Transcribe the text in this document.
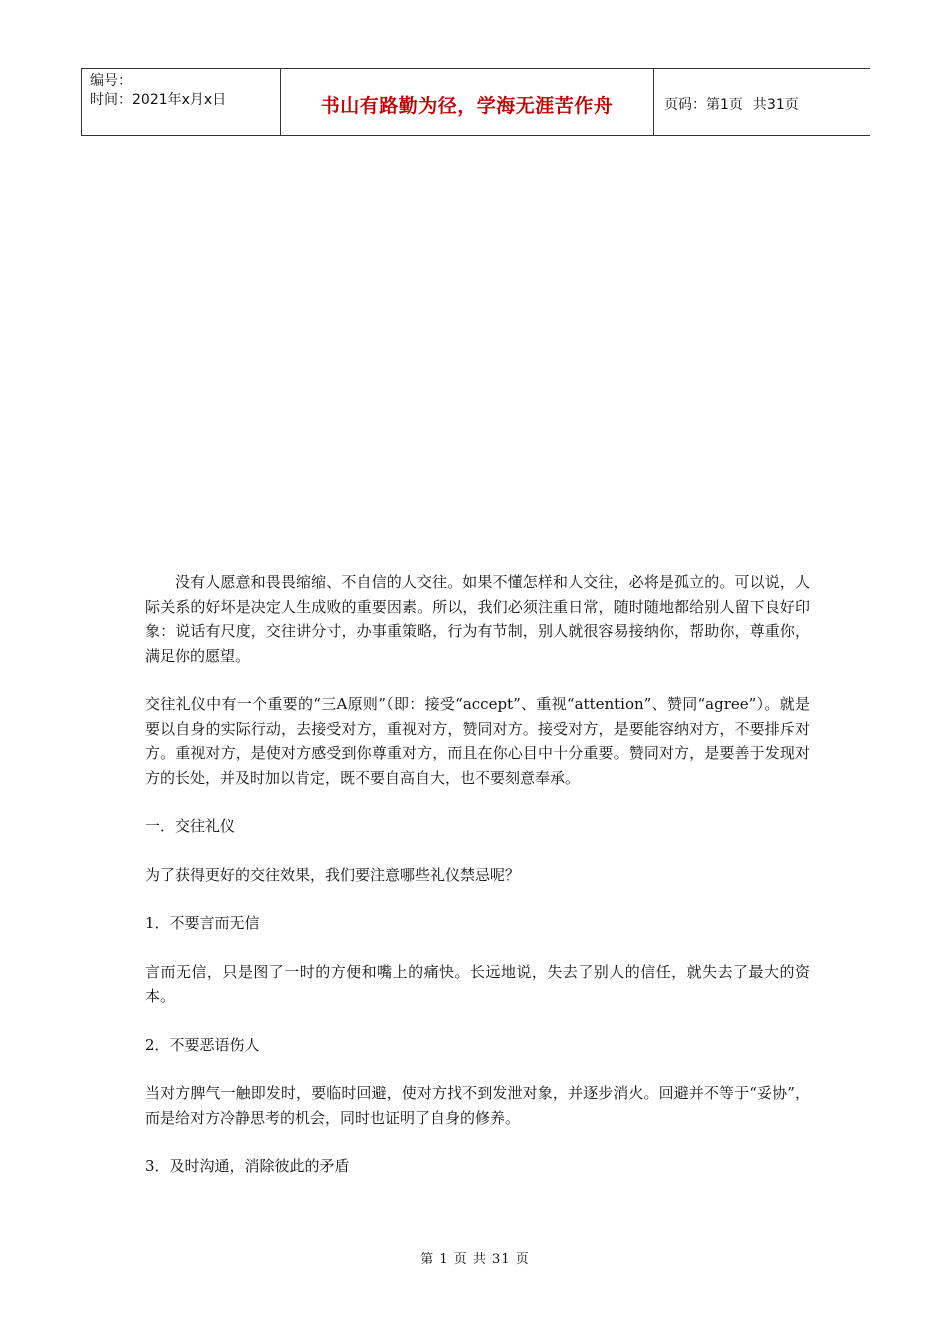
编号：
时间：2021年x月x日	书山有路勤为径，学海无涯苦作舟	页码：第1页 共31页

没有人愿意和畏畏缩缩、不自信的人交往。如果不懂怎样和人交往，必将是孤立的。可以说，人际关系的好坏是决定人生成败的重要因素。所以，我们必须注重日常，随时随地都给别人留下良好印象：说话有尺度，交往讲分寸，办事重策略，行为有节制，别人就很容易接纳你，帮助你，尊重你，满足你的愿望。

交往礼仪中有一个重要的“三A原则”（即：接受“accept”、重视“attention”、赞同“agree”）。就是要以自身的实际行动，去接受对方，重视对方，赞同对方。接受对方，是要能容纳对方，不要排斥对方。重视对方，是使对方感受到你尊重对方，而且在你心目中十分重要。赞同对方，是要善于发现对方的长处，并及时加以肯定，既不要自高自大，也不要刻意奉承。

一．交往礼仪

为了获得更好的交往效果，我们要注意哪些礼仪禁忌呢？

1．不要言而无信

言而无信，只是图了一时的方便和嘴上的痛快。长远地说，失去了别人的信任，就失去了最大的资本。

2．不要恶语伤人

当对方脾气一触即发时，要临时回避，使对方找不到发泄对象，并逐步消火。回避并不等于“妥协”，而是给对方冷静思考的机会，同时也证明了自身的修养。

3．及时沟通，消除彼此的矛盾

第 1 页 共 31 页
